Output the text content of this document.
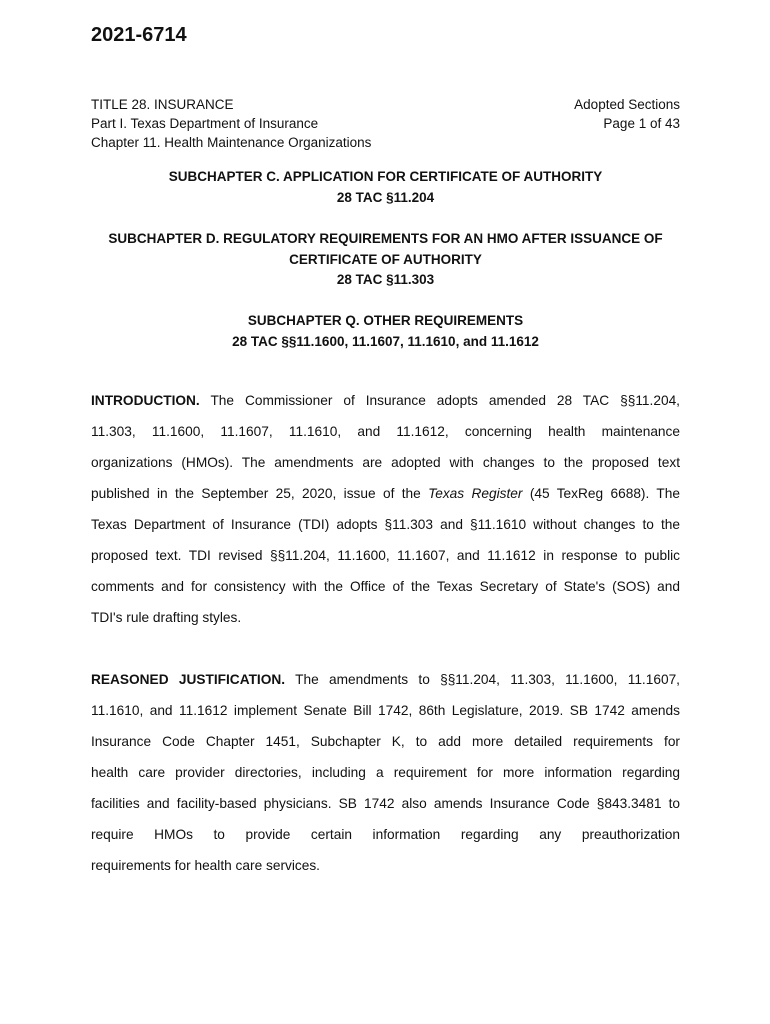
2021-6714
TITLE 28. INSURANCE
Part I. Texas Department of Insurance
Chapter 11. Health Maintenance Organizations
Adopted Sections
Page 1 of 43
SUBCHAPTER C. APPLICATION FOR CERTIFICATE OF AUTHORITY
28 TAC §11.204
SUBCHAPTER D. REGULATORY REQUIREMENTS FOR AN HMO AFTER ISSUANCE OF
CERTIFICATE OF AUTHORITY
28 TAC §11.303
SUBCHAPTER Q. OTHER REQUIREMENTS
28 TAC §§11.1600, 11.1607, 11.1610, and 11.1612
INTRODUCTION. The Commissioner of Insurance adopts amended 28 TAC §§11.204,
11.303, 11.1600, 11.1607, 11.1610, and 11.1612, concerning health maintenance
organizations (HMOs). The amendments are adopted with changes to the proposed text
published in the September 25, 2020, issue of the Texas Register (45 TexReg 6688). The
Texas Department of Insurance (TDI) adopts §11.303 and §11.1610 without changes to the
proposed text. TDI revised §§11.204, 11.1600, 11.1607, and 11.1612 in response to public
comments and for consistency with the Office of the Texas Secretary of State's (SOS) and
TDI's rule drafting styles.
REASONED JUSTIFICATION. The amendments to §§11.204, 11.303, 11.1600, 11.1607,
11.1610, and 11.1612 implement Senate Bill 1742, 86th Legislature, 2019. SB 1742 amends
Insurance Code Chapter 1451, Subchapter K, to add more detailed requirements for
health care provider directories, including a requirement for more information regarding
facilities and facility-based physicians. SB 1742 also amends Insurance Code §843.3481 to
require HMOs to provide certain information regarding any preauthorization
requirements for health care services.
